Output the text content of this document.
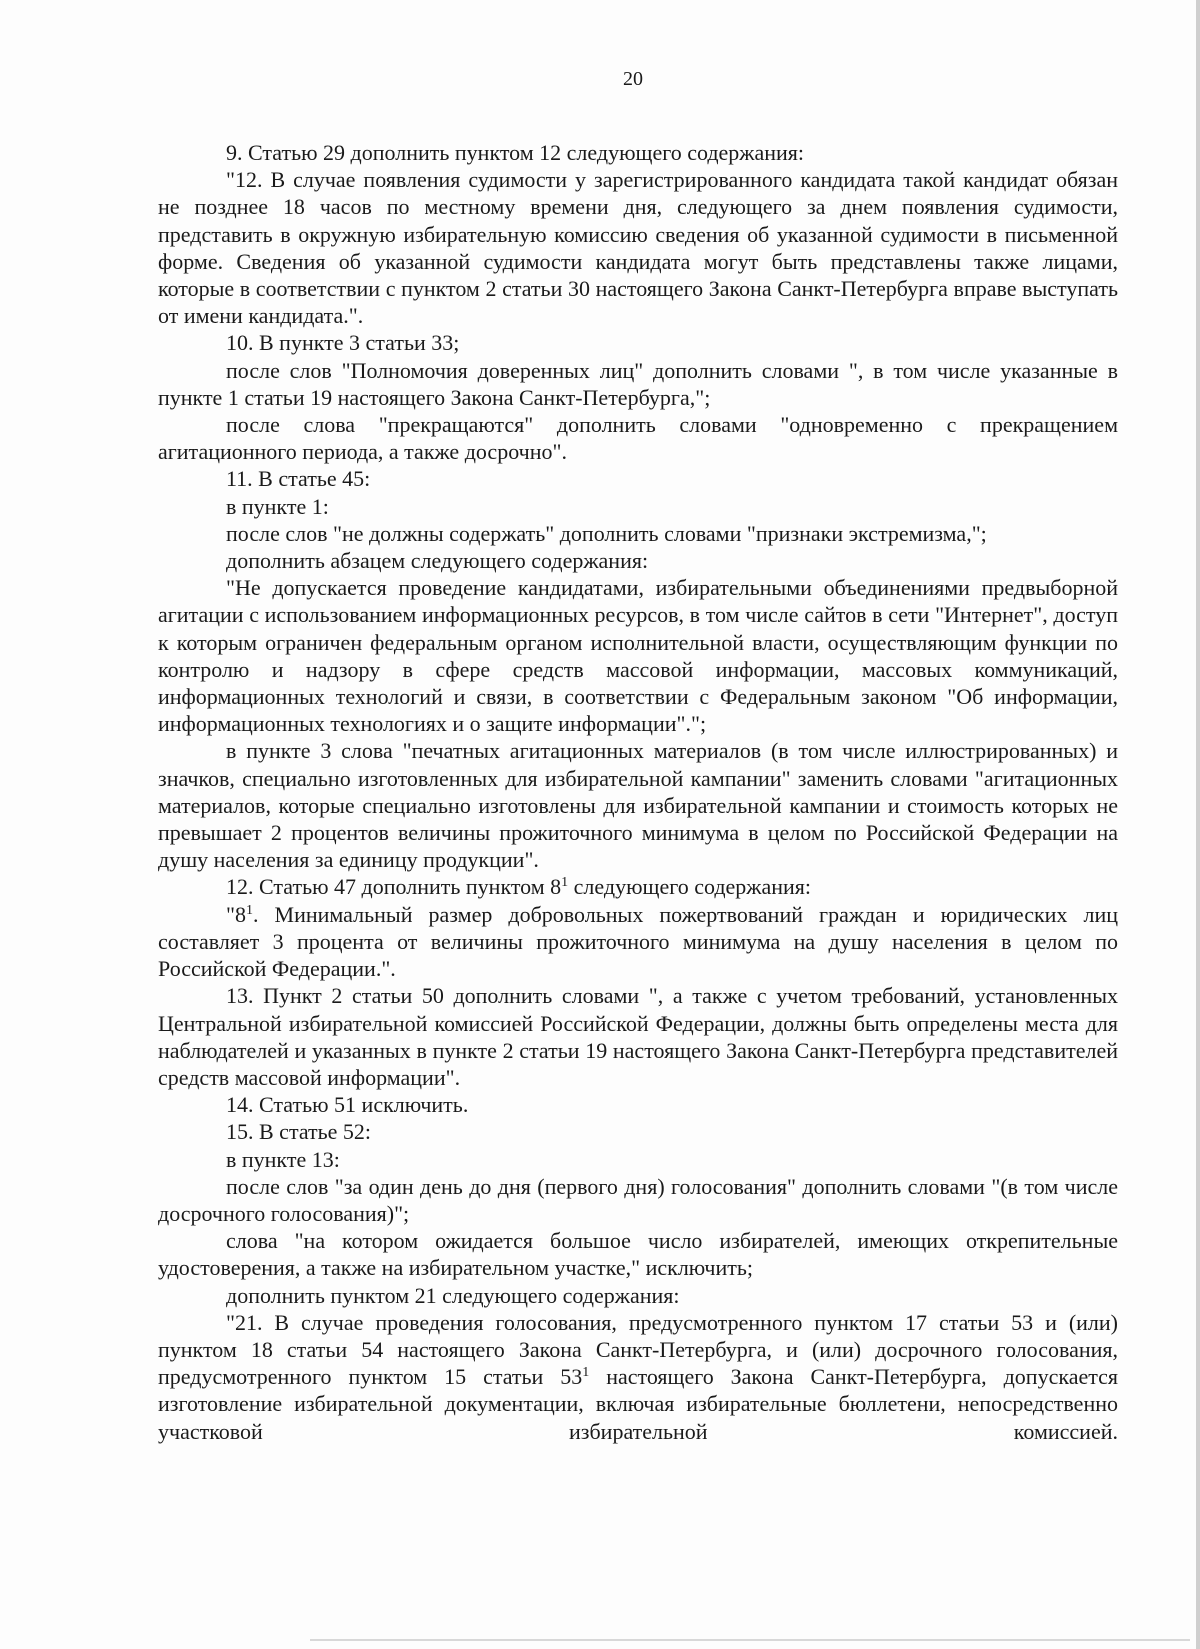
20

9. Статью 29 дополнить пунктом 12 следующего содержания:

"12. В случае появления судимости у зарегистрированного кандидата такой кандидат обязан не позднее 18 часов по местному времени дня, следующего за днем появления судимости, представить в окружную избирательную комиссию сведения об указанной судимости в письменной форме. Сведения об указанной судимости кандидата могут быть представлены также лицами, которые в соответствии с пунктом 2 статьи 30 настоящего Закона Санкт-Петербурга вправе выступать от имени кандидата.".

10. В пункте 3 статьи 33;

после слов "Полномочия доверенных лиц" дополнить словами ", в том числе указанные в пункте 1 статьи 19 настоящего Закона Санкт-Петербурга,";

после слова "прекращаются" дополнить словами "одновременно с прекращением агитационного периода, а также досрочно".

11. В статье 45:

в пункте 1:

после слов "не должны содержать" дополнить словами "признаки экстремизма,";

дополнить абзацем следующего содержания:

"Не допускается проведение кандидатами, избирательными объединениями предвыборной агитации с использованием информационных ресурсов, в том числе сайтов в сети "Интернет", доступ к которым ограничен федеральным органом исполнительной власти, осуществляющим функции по контролю и надзору в сфере средств массовой информации, массовых коммуникаций, информационных технологий и связи, в соответствии с Федеральным законом "Об информации, информационных технологиях и о защите информации".";

в пункте 3 слова "печатных агитационных материалов (в том числе иллюстрированных) и значков, специально изготовленных для избирательной кампании" заменить словами "агитационных материалов, которые специально изготовлены для избирательной кампании и стоимость которых не превышает 2 процентов величины прожиточного минимума в целом по Российской Федерации на душу населения за единицу продукции".

12. Статью 47 дополнить пунктом $8^1$ следующего содержания:

"$8^1$. Минимальный размер добровольных пожертвований граждан и юридических лиц составляет 3 процента от величины прожиточного минимума на душу населения в целом по Российской Федерации.".

13. Пункт 2 статьи 50 дополнить словами ", а также с учетом требований, установленных Центральной избирательной комиссией Российской Федерации, должны быть определены места для наблюдателей и указанных в пункте 2 статьи 19 настоящего Закона Санкт-Петербурга представителей средств массовой информации".

14. Статью 51 исключить.

15. В статье 52:

в пункте 13:

после слов "за один день до дня (первого дня) голосования" дополнить словами "(в том числе досрочного голосования)";

слова "на котором ожидается большое число избирателей, имеющих открепительные удостоверения, а также на избирательном участке," исключить;

дополнить пунктом 21 следующего содержания:

"21. В случае проведения голосования, предусмотренного пунктом 17 статьи 53 и (или) пунктом 18 статьи 54 настоящего Закона Санкт-Петербурга, и (или) досрочного голосования, предусмотренного пунктом 15 статьи $53^1$ настоящего Закона Санкт-Петербурга, допускается изготовление избирательной документации, включая избирательные бюллетени, непосредственно участковой избирательной комиссией.
